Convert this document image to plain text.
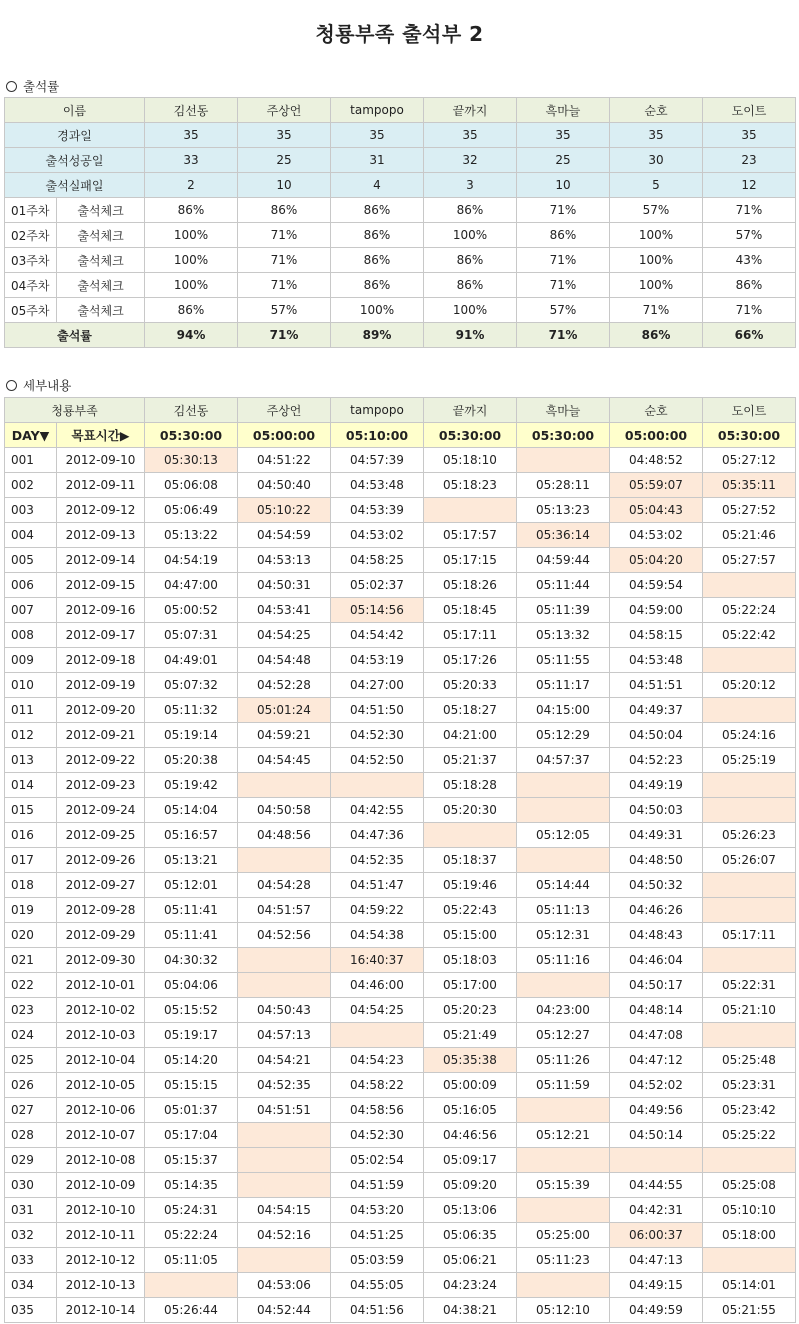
청룡부족 출석부 2
출석률
이름		김선동	주상언	tampopo	끝까지	흑마늘	순호	도이트
경과일		35	35	35	35	35	35	35
출석성공일		33	25	31	32	25	30	23
출석실패일		2	10	4	3	10	5	12
01주차	출석체크	86%	86%	86%	86%	71%	57%	71%
02주차	출석체크	100%	71%	86%	100%	86%	100%	57%
03주차	출석체크	100%	71%	86%	86%	71%	100%	43%
04주차	출석체크	100%	71%	86%	86%	71%	100%	86%
05주차	출석체크	86%	57%	100%	100%	57%	71%	71%
출석률		94%	71%	89%	91%	71%	86%	66%
세부내용
청룡부족		김선동	주상언	tampopo	끝까지	흑마늘	순호	도이트
DAY▼	목표시간▶	05:30:00	05:00:00	05:10:00	05:30:00	05:30:00	05:00:00	05:30:00
001	2012-09-10	05:30:13	04:51:22	04:57:39	05:18:10		04:48:52	05:27:12
002	2012-09-11	05:06:08	04:50:40	04:53:48	05:18:23	05:28:11	05:59:07	05:35:11
003	2012-09-12	05:06:49	05:10:22	04:53:39		05:13:23	05:04:43	05:27:52
004	2012-09-13	05:13:22	04:54:59	04:53:02	05:17:57	05:36:14	04:53:02	05:21:46
005	2012-09-14	04:54:19	04:53:13	04:58:25	05:17:15	04:59:44	05:04:20	05:27:57
006	2012-09-15	04:47:00	04:50:31	05:02:37	05:18:26	05:11:44	04:59:54	
007	2012-09-16	05:00:52	04:53:41	05:14:56	05:18:45	05:11:39	04:59:00	05:22:24
008	2012-09-17	05:07:31	04:54:25	04:54:42	05:17:11	05:13:32	04:58:15	05:22:42
009	2012-09-18	04:49:01	04:54:48	04:53:19	05:17:26	05:11:55	04:53:48	
010	2012-09-19	05:07:32	04:52:28	04:27:00	05:20:33	05:11:17	04:51:51	05:20:12
011	2012-09-20	05:11:32	05:01:24	04:51:50	05:18:27	04:15:00	04:49:37	
012	2012-09-21	05:19:14	04:59:21	04:52:30	04:21:00	05:12:29	04:50:04	05:24:16
013	2012-09-22	05:20:38	04:54:45	04:52:50	05:21:37	04:57:37	04:52:23	05:25:19
014	2012-09-23	05:19:42			05:18:28		04:49:19	
015	2012-09-24	05:14:04	04:50:58	04:42:55	05:20:30		04:50:03	
016	2012-09-25	05:16:57	04:48:56	04:47:36		05:12:05	04:49:31	05:26:23
017	2012-09-26	05:13:21		04:52:35	05:18:37		04:48:50	05:26:07
018	2012-09-27	05:12:01	04:54:28	04:51:47	05:19:46	05:14:44	04:50:32	
019	2012-09-28	05:11:41	04:51:57	04:59:22	05:22:43	05:11:13	04:46:26	
020	2012-09-29	05:11:41	04:52:56	04:54:38	05:15:00	05:12:31	04:48:43	05:17:11
021	2012-09-30	04:30:32		16:40:37	05:18:03	05:11:16	04:46:04	
022	2012-10-01	05:04:06		04:46:00	05:17:00		04:50:17	05:22:31
023	2012-10-02	05:15:52	04:50:43	04:54:25	05:20:23	04:23:00	04:48:14	05:21:10
024	2012-10-03	05:19:17	04:57:13		05:21:49	05:12:27	04:47:08	
025	2012-10-04	05:14:20	04:54:21	04:54:23	05:35:38	05:11:26	04:47:12	05:25:48
026	2012-10-05	05:15:15	04:52:35	04:58:22	05:00:09	05:11:59	04:52:02	05:23:31
027	2012-10-06	05:01:37	04:51:51	04:58:56	05:16:05		04:49:56	05:23:42
028	2012-10-07	05:17:04		04:52:30	04:46:56	05:12:21	04:50:14	05:25:22
029	2012-10-08	05:15:37		05:02:54	05:09:17			
030	2012-10-09	05:14:35		04:51:59	05:09:20	05:15:39	04:44:55	05:25:08
031	2012-10-10	05:24:31	04:54:15	04:53:20	05:13:06		04:42:31	05:10:10
032	2012-10-11	05:22:24	04:52:16	04:51:25	05:06:35	05:25:00	06:00:37	05:18:00
033	2012-10-12	05:11:05		05:03:59	05:06:21	05:11:23	04:47:13	
034	2012-10-13		04:53:06	04:55:05	04:23:24		04:49:15	05:14:01
035	2012-10-14	05:26:44	04:52:44	04:51:56	04:38:21	05:12:10	04:49:59	05:21:55
